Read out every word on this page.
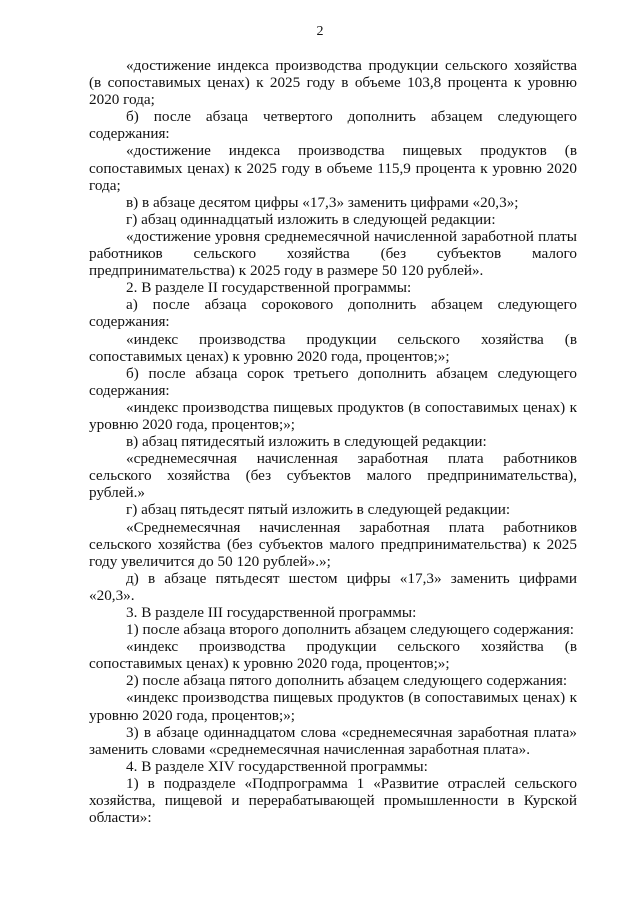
2

«достижение индекса производства продукции сельского хозяйства (в сопоставимых ценах) к 2025 году в объеме 103,8 процента к уровню 2020 года;

б) после абзаца четвертого дополнить абзацем следующего содержания:

«достижение индекса производства пищевых продуктов (в сопоставимых ценах) к 2025 году в объеме 115,9 процента к уровню 2020 года;

в) в абзаце десятом цифры «17,3» заменить цифрами «20,3»;

г) абзац одиннадцатый изложить в следующей редакции:

«достижение уровня среднемесячной начисленной заработной платы работников сельского хозяйства (без субъектов малого предпринимательства) к 2025 году в размере 50 120 рублей».

2. В разделе II государственной программы:

а) после абзаца сорокового дополнить абзацем следующего содержания:

«индекс производства продукции сельского хозяйства (в сопоставимых ценах) к уровню 2020 года, процентов;»;

б) после абзаца сорок третьего дополнить абзацем следующего содержания:

«индекс производства пищевых продуктов (в сопоставимых ценах) к уровню 2020 года, процентов;»;

в) абзац пятидесятый изложить в следующей редакции:

«среднемесячная начисленная заработная плата работников сельского хозяйства (без субъектов малого предпринимательства), рублей.»

г) абзац пятьдесят пятый изложить в следующей редакции:

«Среднемесячная начисленная заработная плата работников сельского хозяйства (без субъектов малого предпринимательства) к 2025 году увеличится до 50 120 рублей».»;

д) в абзаце пятьдесят шестом цифры «17,3» заменить цифрами «20,3».

3. В разделе III государственной программы:

1) после абзаца второго дополнить абзацем следующего содержания:

«индекс производства продукции сельского хозяйства (в сопоставимых ценах) к уровню 2020 года, процентов;»;

2) после абзаца пятого дополнить абзацем следующего содержания:

«индекс производства пищевых продуктов (в сопоставимых ценах) к уровню 2020 года, процентов;»;

3) в абзаце одиннадцатом слова «среднемесячная заработная плата» заменить словами «среднемесячная начисленная заработная плата».

4. В разделе XIV государственной программы:

1) в подразделе «Подпрограмма 1 «Развитие отраслей сельского хозяйства, пищевой и перерабатывающей промышленности в Курской области»:
